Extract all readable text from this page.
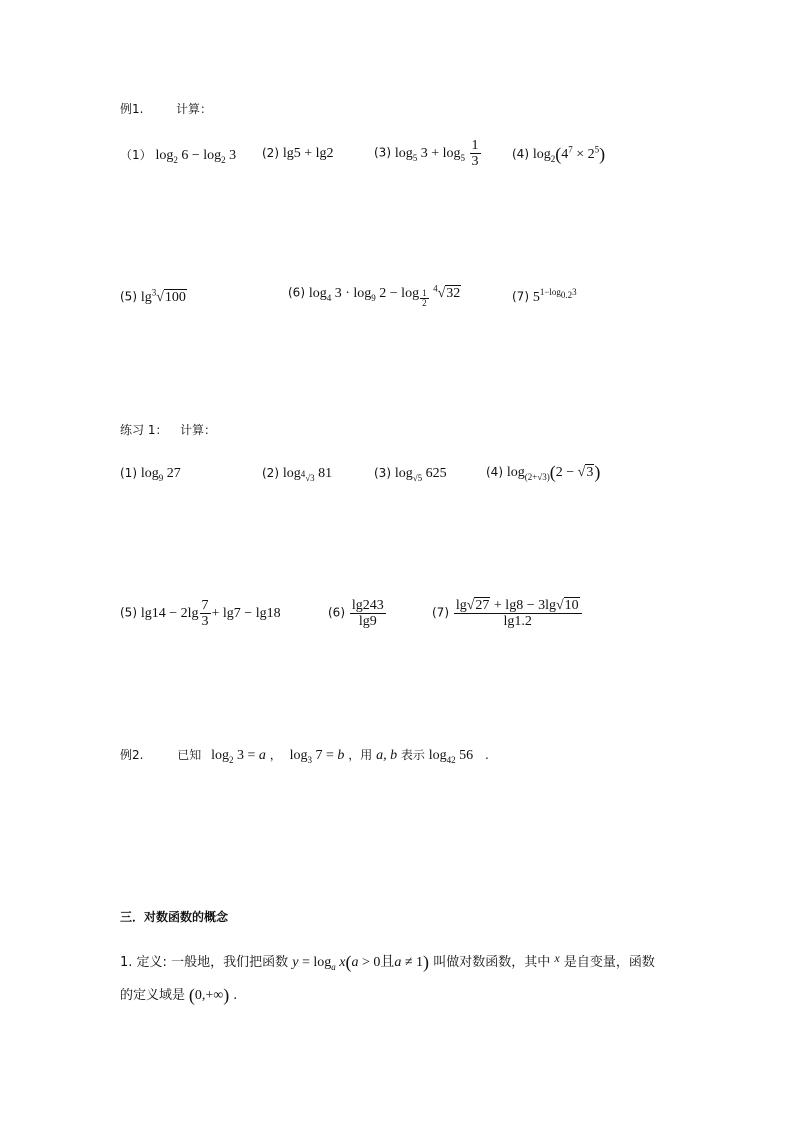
例1.	计算：
（1） $\log_2 6 - \log_2 3$ (2) lg5 + lg2	(3) $\log_5 3 + \log_5 \frac{1}{3}$	(4) $\log_2(4^7 \times 2^5)$
(5) $\lg^3√100$	(6) $\log_4 3 \cdot \log_9 2 - \log _{\frac{1}{2}}$
$^4$√32	(7) $5^{1-log_{0.2}3}$
练习 1： 计算：
(1) $\log_9 27$	(2) $\log_{^4√3} 81$	(3) $\log_{√5} 625$	(4) $\log_{(2+√3)}(2 - √3)$
(5) $\lg 14 - 2\lg \frac{7}{3} + \lg 7 - \lg 18$	$(6) \frac{\lg 243}{\lg 9}$	$(7) \frac{\lg√27 + \lg 8 - 3\lg√10}{\lg 1.2}$
例2.	已知 $\log_2 3 = a$ ， $\log_3 7 = b$ ，用 a, b 表示 $\log_{42} 56$ .
三．对数函数的概念
1. 定义: 一般地，我们把函数 $y = \log_a x(a > 0$且a ≠ 1) 叫做对数函数，其中 x 是自变量，函数
的定义域是 (0,+∞) .
